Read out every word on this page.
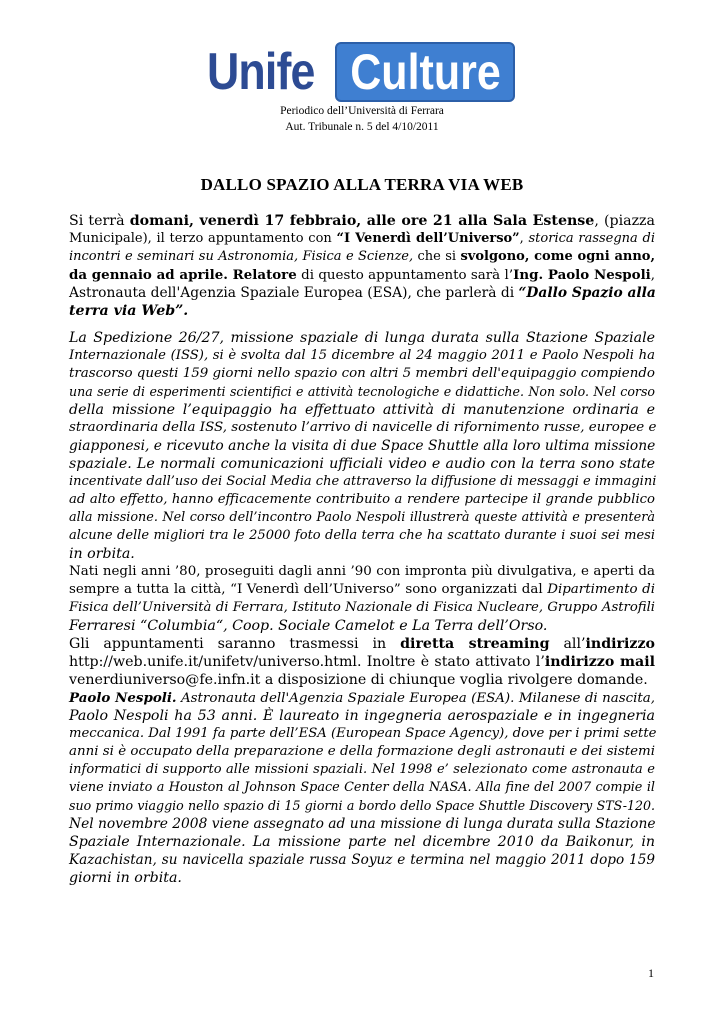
Unife Culture
Periodico dell’Università di Ferrara
Aut. Tribunale n. 5 del 4/10/2011
DALLO SPAZIO ALLA TERRA VIA WEB
Si terrà domani, venerdì 17 febbraio, alle ore 21 alla Sala Estense, (piazza
Municipale), il terzo appuntamento con “I Venerdì dell’Universo”, storica rassegna di
incontri e seminari su Astronomia, Fisica e Scienze, che si svolgono, come ogni anno,
da gennaio ad aprile. Relatore di questo appuntamento sarà l’Ing. Paolo Nespoli,
Astronauta dell'Agenzia Spaziale Europea (ESA), che parlerà di “Dallo Spazio alla
terra via Web”.
La Spedizione 26/27, missione spaziale di lunga durata sulla Stazione Spaziale
Internazionale (ISS), si è svolta dal 15 dicembre al 24 maggio 2011 e Paolo Nespoli ha
trascorso questi 159 giorni nello spazio con altri 5 membri dell'equipaggio compiendo
una serie di esperimenti scientifici e attività tecnologiche e didattiche. Non solo. Nel corso
della missione l’equipaggio ha effettuato attività di manutenzione ordinaria e
straordinaria della ISS, sostenuto l’arrivo di navicelle di rifornimento russe, europee e
giapponesi, e ricevuto anche la visita di due Space Shuttle alla loro ultima missione
spaziale. Le normali comunicazioni ufficiali video e audio con la terra sono state
incentivate dall’uso dei Social Media che attraverso la diffusione di messaggi e immagini
ad alto effetto, hanno efficacemente contribuito a rendere partecipe il grande pubblico
alla missione. Nel corso dell’incontro Paolo Nespoli illustrerà queste attività e presenterà
alcune delle migliori tra le 25000 foto della terra che ha scattato durante i suoi sei mesi
in orbita.
Nati negli anni ’80, proseguiti dagli anni ’90 con impronta più divulgativa, e aperti da
sempre a tutta la città, “I Venerdì dell’Universo” sono organizzati dal Dipartimento di
Fisica dell’Università di Ferrara, Istituto Nazionale di Fisica Nucleare, Gruppo Astrofili
Ferraresi “Columbia“, Coop. Sociale Camelot e La Terra dell’Orso.
Gli appuntamenti saranno trasmessi in diretta streaming all’indirizzo
http://web.unife.it/unifetv/universo.html. Inoltre è stato attivato l’indirizzo mail
venerdiuniverso@fe.infn.it a disposizione di chiunque voglia rivolgere domande.
Paolo Nespoli. Astronauta dell'Agenzia Spaziale Europea (ESA). Milanese di nascita,
Paolo Nespoli ha 53 anni. È laureato in ingegneria aerospaziale e in ingegneria
meccanica. Dal 1991 fa parte dell’ESA (European Space Agency), dove per i primi sette
anni si è occupato della preparazione e della formazione degli astronauti e dei sistemi
informatici di supporto alle missioni spaziali. Nel 1998 e’ selezionato come astronauta e
viene inviato a Houston al Johnson Space Center della NASA. Alla fine del 2007 compie il
suo primo viaggio nello spazio di 15 giorni a bordo dello Space Shuttle Discovery STS-120.
Nel novembre 2008 viene assegnato ad una missione di lunga durata sulla Stazione
Spaziale Internazionale. La missione parte nel dicembre 2010 da Baikonur, in
Kazachistan, su navicella spaziale russa Soyuz e termina nel maggio 2011 dopo 159
giorni in orbita.
1
